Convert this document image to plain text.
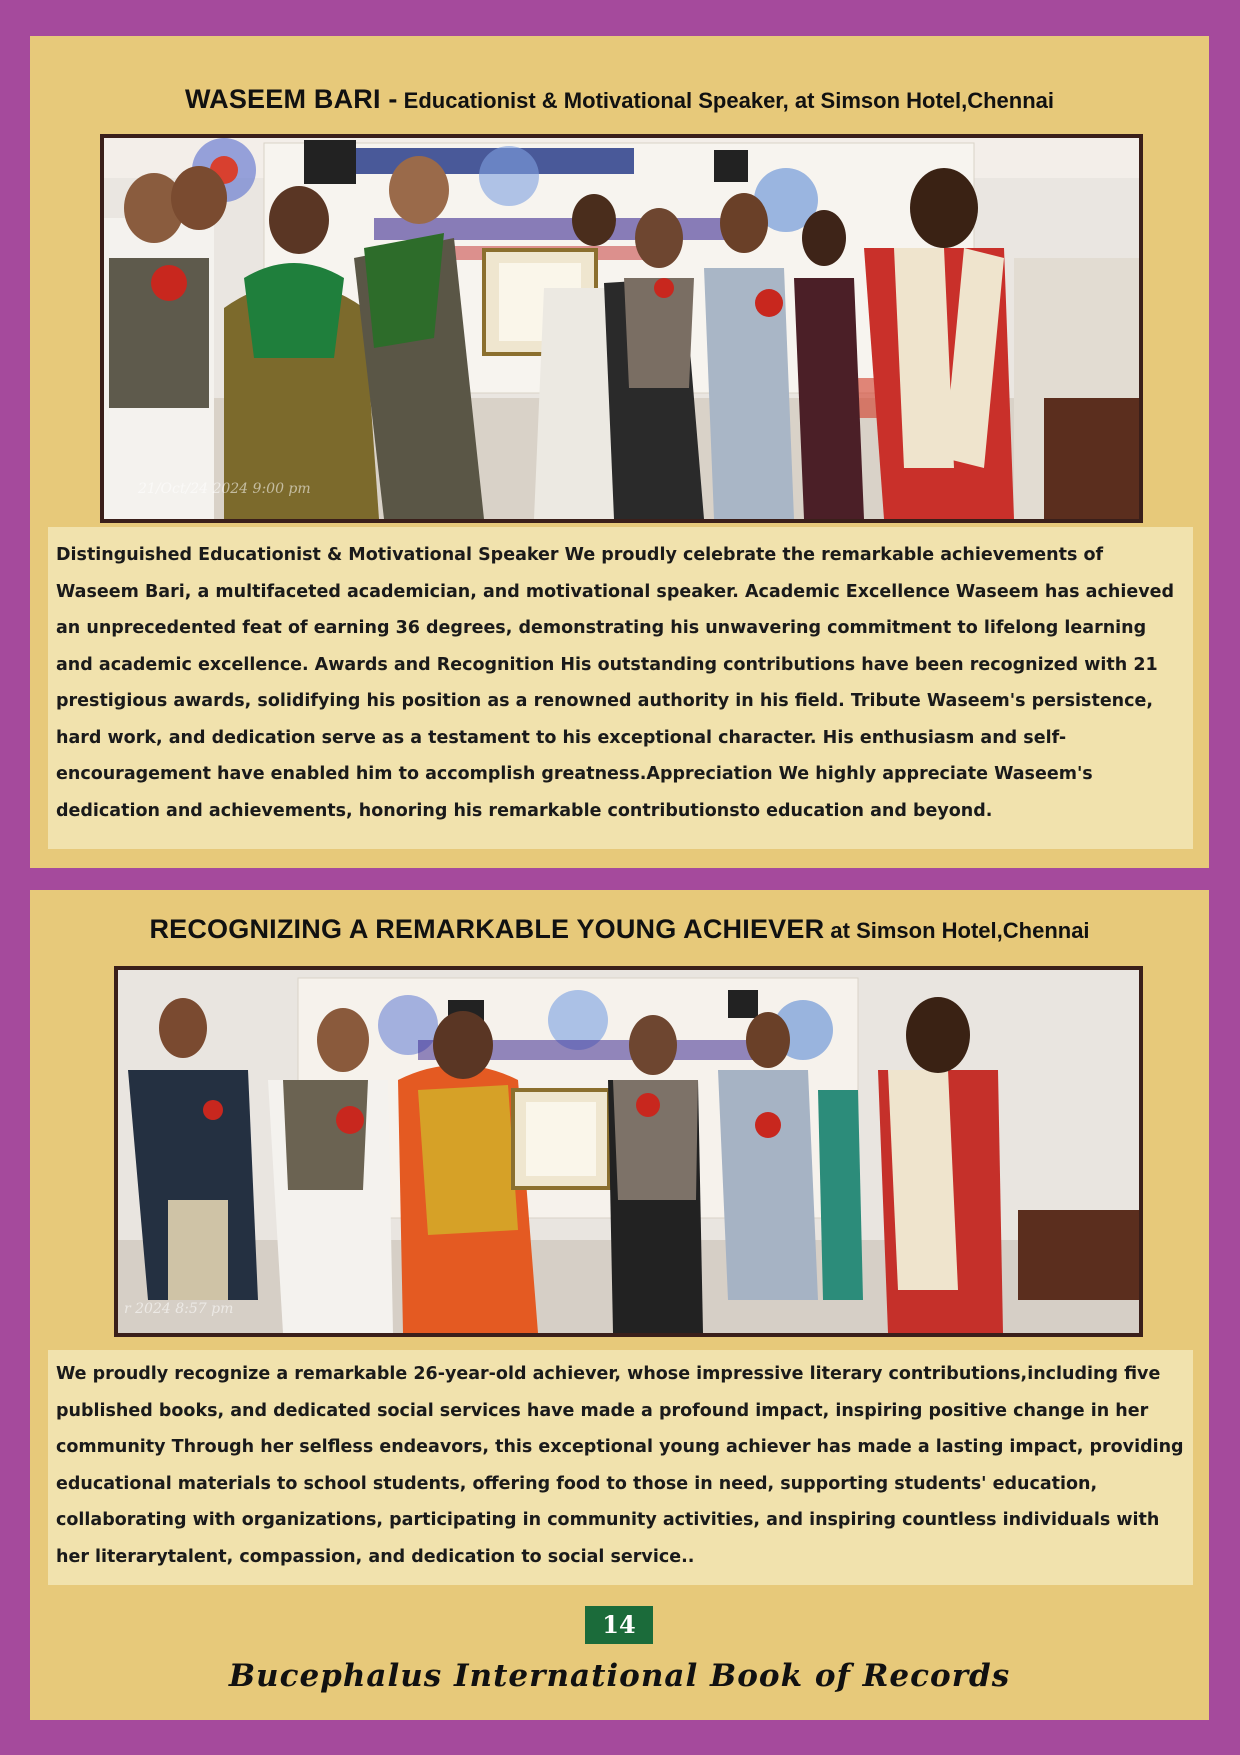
WASEEM BARI - Educationist & Motivational Speaker, at Simson Hotel,Chennai
21/Oct/24 2024 9:00 pm
Distinguished Educationist & Motivational Speaker We proudly celebrate the remarkable achievements of Waseem Bari, a multifaceted academician, and motivational speaker. Academic Excellence Waseem has achieved an unprecedented feat of earning 36 degrees, demonstrating his unwavering commitment to lifelong learning and academic excellence. Awards and Recognition His outstanding contributions have been recognized with 21 prestigious awards, solidifying his position as a renowned authority in his field. Tribute Waseem's persistence, hard work, and dedication serve as a testament to his exceptional character. His enthusiasm and self-encouragement have enabled him to accomplish greatness.Appreciation We highly appreciate Waseem's dedication and achievements, honoring his remarkable contributionsto education and beyond.
RECOGNIZING A REMARKABLE YOUNG ACHIEVER at Simson Hotel,Chennai
r 2024 8:57 pm
We proudly recognize a remarkable 26-year-old achiever, whose impressive literary contributions,including five published books, and dedicated social services have made a profound impact, inspiring positive change in her community Through her selfless endeavors, this exceptional young achiever has made a lasting impact, providing educational materials to school students, offering food to those in need, supporting students' education, collaborating with organizations, participating in community activities, and inspiring countless individuals with her literarytalent, compassion, and dedication to social service..
14
Bucephalus International Book of Records
